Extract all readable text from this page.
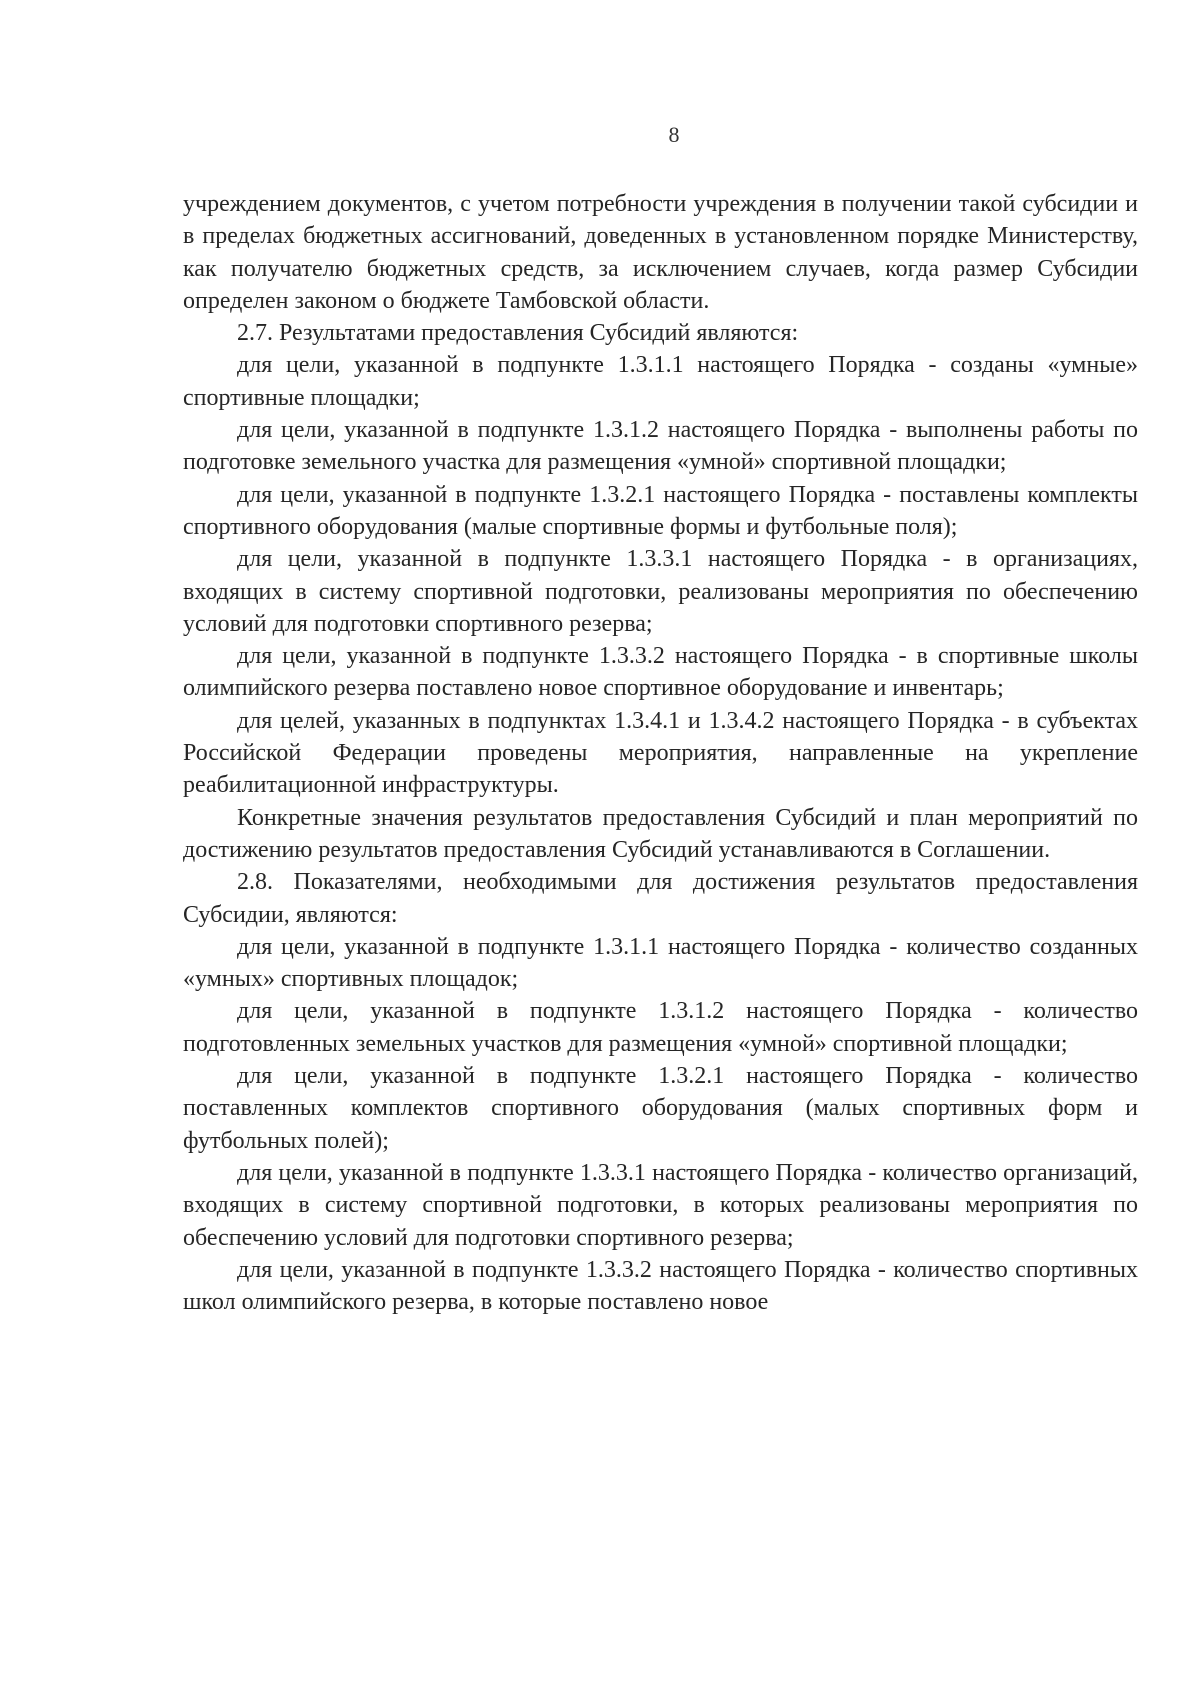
8

учреждением документов, с учетом потребности учреждения в получении такой субсидии и в пределах бюджетных ассигнований, доведенных в установленном порядке Министерству, как получателю бюджетных средств, за исключением случаев, когда размер Субсидии определен законом о бюджете Тамбовской области.

2.7. Результатами предоставления Субсидий являются:

для цели, указанной в подпункте 1.3.1.1 настоящего Порядка - созданы «умные» спортивные площадки;

для цели, указанной в подпункте 1.3.1.2 настоящего Порядка - выполнены работы по подготовке земельного участка для размещения «умной» спортивной площадки;

для цели, указанной в подпункте 1.3.2.1 настоящего Порядка - поставлены комплекты спортивного оборудования (малые спортивные формы и футбольные поля);

для цели, указанной в подпункте 1.3.3.1 настоящего Порядка - в организациях, входящих в систему спортивной подготовки, реализованы мероприятия по обеспечению условий для подготовки спортивного резерва;

для цели, указанной в подпункте 1.3.3.2 настоящего Порядка - в спортивные школы олимпийского резерва поставлено новое спортивное оборудование и инвентарь;

для целей, указанных в подпунктах 1.3.4.1 и 1.3.4.2 настоящего Порядка - в субъектах Российской Федерации проведены мероприятия, направленные на укрепление реабилитационной инфраструктуры.

Конкретные значения результатов предоставления Субсидий и план мероприятий по достижению результатов предоставления Субсидий устанавливаются в Соглашении.

2.8. Показателями, необходимыми для достижения результатов предоставления Субсидии, являются:

для цели, указанной в подпункте 1.3.1.1 настоящего Порядка - количество созданных «умных» спортивных площадок;

для цели, указанной в подпункте 1.3.1.2 настоящего Порядка - количество подготовленных земельных участков для размещения «умной» спортивной площадки;

для цели, указанной в подпункте 1.3.2.1 настоящего Порядка - количество поставленных комплектов спортивного оборудования (малых спортивных форм и футбольных полей);

для цели, указанной в подпункте 1.3.3.1 настоящего Порядка - количество организаций, входящих в систему спортивной подготовки, в которых реализованы мероприятия по обеспечению условий для подготовки спортивного резерва;

для цели, указанной в подпункте 1.3.3.2 настоящего Порядка - количество спортивных школ олимпийского резерва, в которые поставлено новое
